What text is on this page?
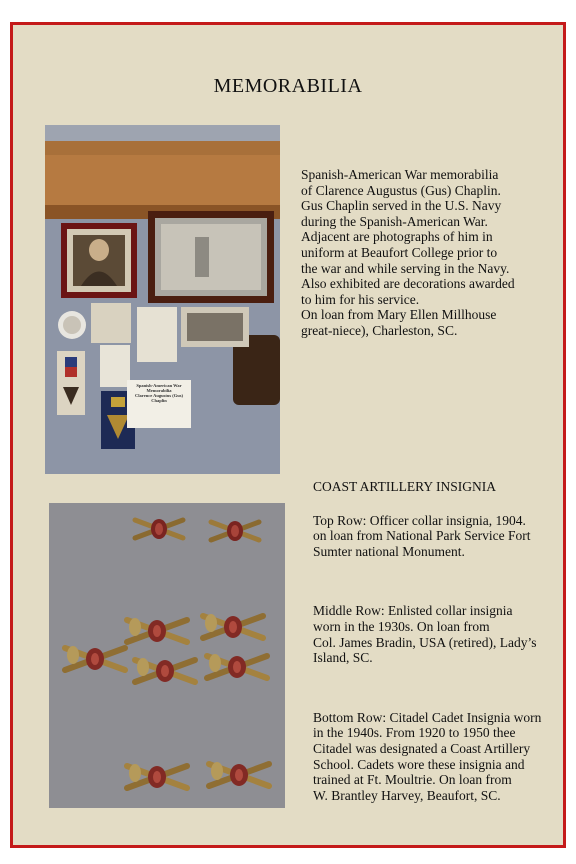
MEMORABILIA
Spanish-American War Memorabilia
Clarence Augustus (Gus) Chaplin

Spanish-American War memorabilia

of Clarence Augustus (Gus) Chaplin.

Gus Chaplin served in the U.S. Navy

during the Spanish-American War.

Adjacent are photographs of him in

uniform at Beaufort College prior to

the war and while serving in the Navy.

Also exhibited are decorations awarded

to him for his service.

On loan from Mary Ellen Millhouse

great-niece), Charleston, SC.

COAST ARTILLERY INSIGNIA

Top Row: Officer collar insignia, 1904.

on loan from National Park Service Fort

Sumter national Monument.

Middle Row: Enlisted collar insignia

worn in the 1930s. On loan from

Col. James Bradin, USA (retired), Lady’s

Island, SC.

Bottom Row: Citadel Cadet Insignia worn

in the 1940s. From 1920 to 1950 thee

Citadel was designated a Coast Artillery

School. Cadets wore these insignia and

trained at Ft. Moultrie. On loan from

W. Brantley Harvey, Beaufort, SC.
